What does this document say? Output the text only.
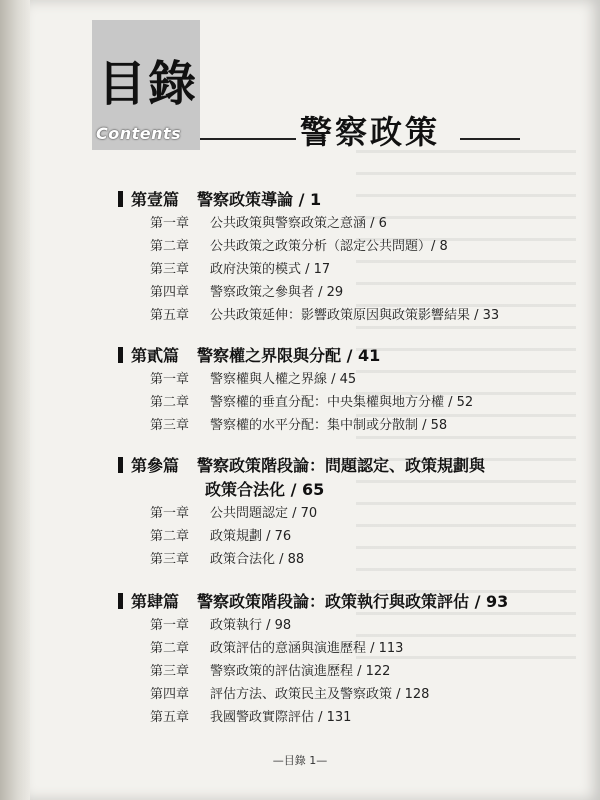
目錄
Contents	警察政策
第壹篇 警察政策導論 / 1
第一章 公共政策與警察政策之意涵 / 6
第二章 公共政策之政策分析（認定公共問題）/ 8
第三章 政府決策的模式 / 17
第四章 警察政策之參與者 / 29
第五章 公共政策延伸：影響政策原因與政策影響結果 / 33
第貳篇 警察權之界限與分配 / 41
第一章 警察權與人權之界線 / 45
第二章 警察權的垂直分配：中央集權與地方分權 / 52
第三章 警察權的水平分配：集中制或分散制 / 58
第參篇 警察政策階段論：問題認定、政策規劃與
政策合法化 / 65
第一章 公共問題認定 / 70
第二章 政策規劃 / 76
第三章 政策合法化 / 88
第肆篇 警察政策階段論：政策執行與政策評估 / 93
第一章 政策執行 / 98
第二章 政策評估的意涵與演進歷程 / 113
第三章 警察政策的評估演進歷程 / 122
第四章 評估方法、政策民主及警察政策 / 128
第五章 我國警政實際評估 / 131
—目錄 1—
